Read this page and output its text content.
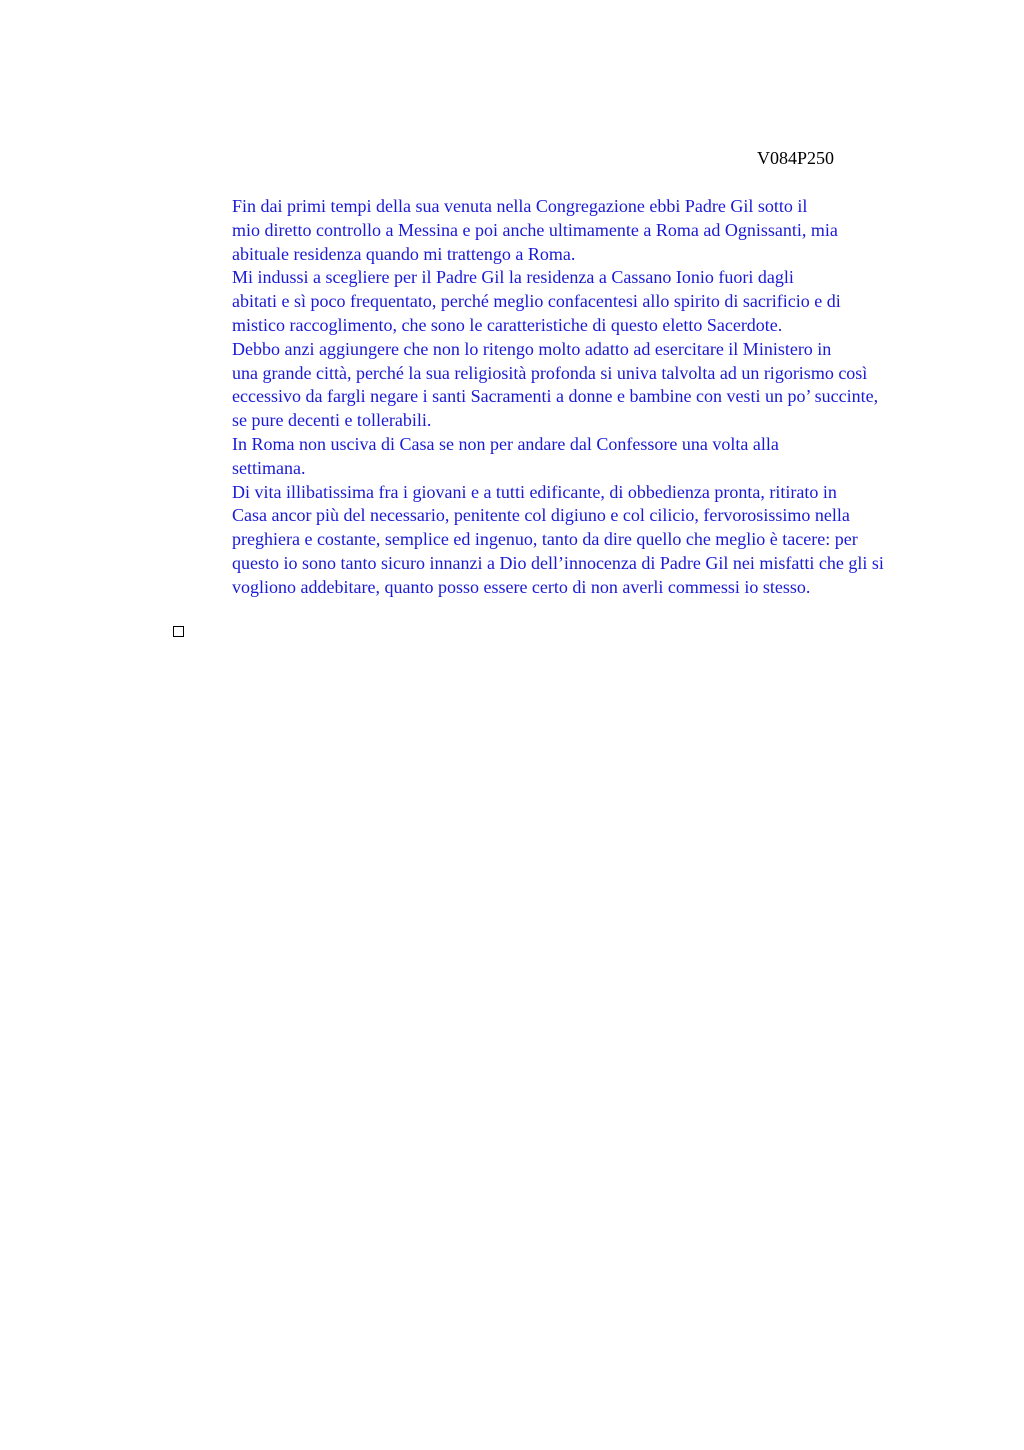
V084P250

Fin dai primi tempi della sua venuta nella Congregazione ebbi Padre Gil sotto il
mio diretto controllo a Messina e poi anche ultimamente a Roma ad Ognissanti, mia
abituale residenza quando mi trattengo a Roma.

Mi indussi a scegliere per il Padre Gil la residenza a Cassano Ionio fuori dagli
abitati e sì poco frequentato, perché meglio confacentesi allo spirito di sacrificio e di
mistico raccoglimento, che sono le caratteristiche di questo eletto Sacerdote.

Debbo anzi aggiungere che non lo ritengo molto adatto ad esercitare il Ministero in
una grande città, perché la sua religiosità profonda si univa talvolta ad un rigorismo così
eccessivo da fargli negare i santi Sacramenti a donne e bambine con vesti un po’ succinte,
se pure decenti e tollerabili.

In Roma non usciva di Casa se non per andare dal Confessore una volta alla
settimana.

Di vita illibatissima fra i giovani e a tutti edificante, di obbedienza pronta, ritirato in
Casa ancor più del necessario, penitente col digiuno e col cilicio, fervorosissimo nella
preghiera e costante, semplice ed ingenuo, tanto da dire quello che meglio è tacere: per
questo io sono tanto sicuro innanzi a Dio dell’innocenza di Padre Gil nei misfatti che gli si
vogliono addebitare, quanto posso essere certo di non averli commessi io stesso.
